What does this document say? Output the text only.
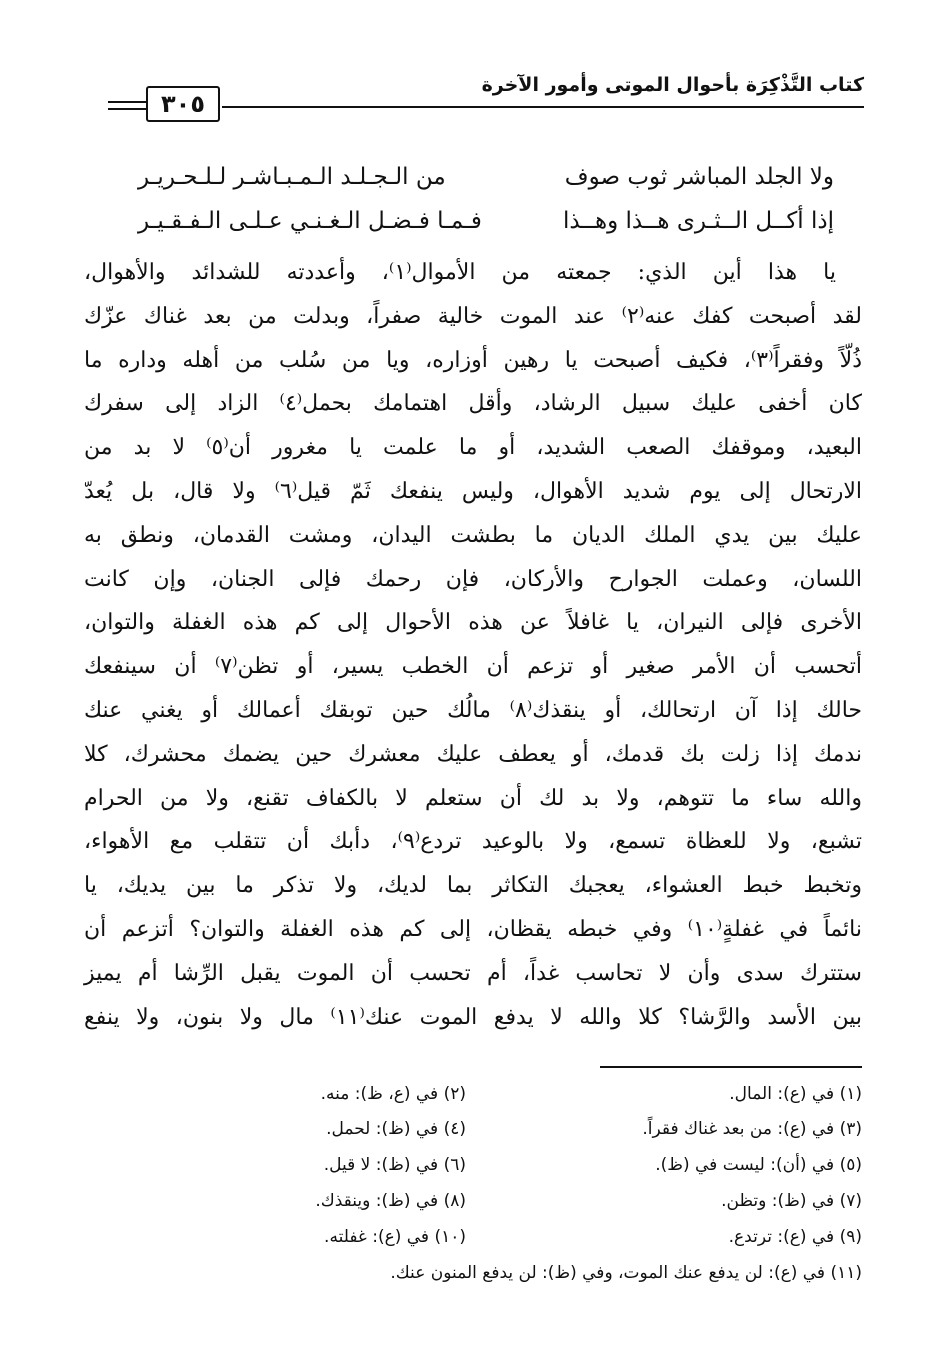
كتاب التَّذْكِرَة بأحوال الموتى وأمور الآخرة
٣٠٥
ولا الجلد المباشر ثوب صوف
من الـجـلـد الـمـبـاشـر لـلـحـريـر
إذا أكــل الــثـرى هــذا وهــذا
فـمـا فـضـل الـغـنـي عـلـى الـفـقـيـر
يا هذا أين الذي: جمعته من الأموال⁽١⁾، وأعددته للشدائد والأهوال،
لقد أصبحت كفك عنه⁽٢⁾ عند الموت خالية صفراً، وبدلت من بعد غناك عزّك
ذُلّاً وفقراً⁽٣⁾، فكيف أصبحت يا رهين أوزاره، ويا من سُلب من أهله وداره ما
كان أخفى عليك سبيل الرشاد، وأقل اهتمامك بحمل⁽٤⁾ الزاد إلى سفرك
البعيد، وموقفك الصعب الشديد، أو ما علمت يا مغرور أن⁽٥⁾ لا بد من
الارتحال إلى يوم شديد الأهوال، وليس ينفعك ثَمّ قيل⁽٦⁾ ولا قال، بل يُعدّ
عليك بين يدي الملك الديان ما بطشت اليدان، ومشت القدمان، ونطق به
اللسان، وعملت الجوارح والأركان، فإن رحمك فإلى الجنان، وإن كانت
الأخرى فإلى النيران، يا غافلاً عن هذه الأحوال إلى كم هذه الغفلة والتوان،
أتحسب أن الأمر صغير أو تزعم أن الخطب يسير، أو تظن⁽٧⁾ أن سينفعك
حالك إذا آن ارتحالك، أو ينقذك⁽٨⁾ مالُك حين توبقك أعمالك أو يغني عنك
ندمك إذا زلت بك قدمك، أو يعطف عليك معشرك حين يضمك محشرك، كلا
والله ساء ما تتوهم، ولا بد لك أن ستعلم لا بالكفاف تقنع، ولا من الحرام
تشبع، ولا للعظاة تسمع، ولا بالوعيد تردع⁽٩⁾، دأبك أن تتقلب مع الأهواء،
وتخبط خبط العشواء، يعجبك التكاثر بما لديك، ولا تذكر ما بين يديك، يا
نائماً في غفلةٍ⁽١٠⁾ وفي خبطه يقظان، إلى كم هذه الغفلة والتوان؟ أتزعم أن
ستترك سدى وأن لا تحاسب غداً، أم تحسب أن الموت يقبل الرِّشا أم يميز
بين الأسد والرَّشا؟ كلا والله لا يدفع الموت عنك⁽١١⁾ مال ولا بنون، ولا ينفع
(١) في (ع): المال.
(٢) في (ع، ظ): منه.
(٣) في (ع): من بعد غناك فقراً.
(٤) في (ظ): لحمل.
(٥) في (أن): ليست في (ظ).
(٦) في (ظ): لا قيل.
(٧) في (ظ): وتظن.
(٨) في (ظ): وينقذك.
(٩) في (ع): ترتدع.
(١٠) في (ع): غفلته.
(١١) في (ع): لن يدفع عنك الموت، وفي (ظ): لن يدفع المنون عنك.
